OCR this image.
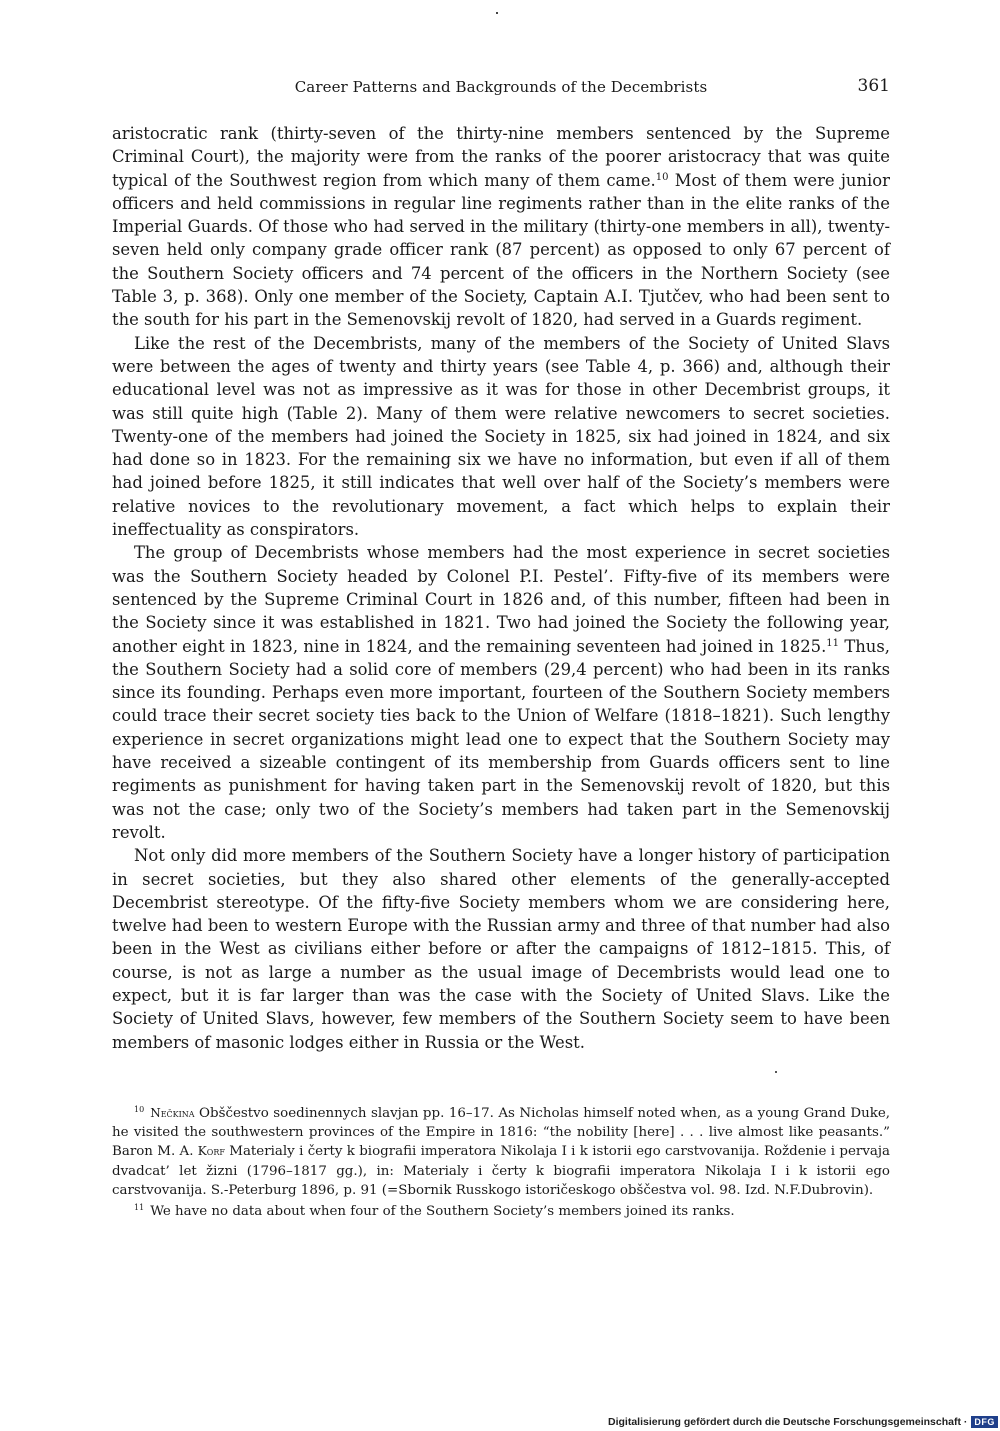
Career Patterns and Backgrounds of the Decembrists	361

aristocratic rank (thirty-seven of the thirty-nine members sentenced by the Supreme Criminal Court), the majority were from the ranks of the poorer aristocracy that was quite typical of the Southwest region from which many of them came.$^{10}$ Most of them were junior officers and held commissions in regular line regiments rather than in the elite ranks of the Imperial Guards. Of those who had served in the military (thirty-one members in all), twenty-seven held only company grade officer rank (87 percent) as opposed to only 67 percent of the Southern Society officers and 74 percent of the officers in the Northern Society (see Table 3, p. 368). Only one member of the Society, Captain A.I. Tjutčev, who had been sent to the south for his part in the Semenovskij revolt of 1820, had served in a Guards regiment.

Like the rest of the Decembrists, many of the members of the Society of United Slavs were between the ages of twenty and thirty years (see Table 4, p. 366) and, although their educational level was not as impressive as it was for those in other Decembrist groups, it was still quite high (Table 2). Many of them were relative newcomers to secret societies. Twenty-one of the members had joined the Society in 1825, six had joined in 1824, and six had done so in 1823. For the remaining six we have no information, but even if all of them had joined before 1825, it still indicates that well over half of the Society’s members were relative novices to the revolutionary movement, a fact which helps to explain their ineffectuality as conspirators.

The group of Decembrists whose members had the most experience in secret societies was the Southern Society headed by Colonel P.I. Pestel’. Fifty-five of its members were sentenced by the Supreme Criminal Court in 1826 and, of this number, fifteen had been in the Society since it was established in 1821. Two had joined the Society the following year, another eight in 1823, nine in 1824, and the remaining seventeen had joined in 1825.11 Thus, the Southern Society had a solid core of members (29,4 percent) who had been in its ranks since its founding. Perhaps even more important, fourteen of the Southern Society members could trace their secret society ties back to the Union of Welfare (1818–1821). Such lengthy experience in secret organizations might lead one to expect that the Southern Society may have received a sizeable contingent of its membership from Guards officers sent to line regiments as punishment for having taken part in the Semenovskij revolt of 1820, but this was not the case; only two of the Society’s members had taken part in the Semenovskij revolt.

Not only did more members of the Southern Society have a longer history of participation in secret societies, but they also shared other elements of the generally-accepted Decembrist stereotype. Of the fifty-five Society members whom we are considering here, twelve had been to western Europe with the Russian army and three of that number had also been in the West as civilians either before or after the campaigns of 1812–1815. This, of course, is not as large a number as the usual image of Decembrists would lead one to expect, but it is far larger than was the case with the Society of United Slavs. Like the Society of United Slavs, however, few members of the Southern Society seem to have been members of masonic lodges either in Russia or the West.

$^{10}$ Nečkina Obščestvo soedinennych slavjan pp. 16–17. As Nicholas himself noted when, as a young Grand Duke, he visited the southwestern provinces of the Empire in 1816: “the nobility [here] . . . live almost like peasants.” Baron M. A. Korf Materialy i čerty k biografii imperatora Nikolaja I i k istorii ego carstvovanija. Roždenie i pervaja dvadcat’ let žizni (1796–1817 gg.), in: Materialy i čerty k biografii imperatora Nikolaja I i k istorii ego carstvovanija. S.-Peterburg 1896, p. 91 (=Sbornik Russkogo istoričeskogo obščestva vol. 98. Izd. N.F.Dubrovin).

$^{11}$ We have no data about when four of the Southern Society’s members joined its ranks.

Digitalisierung gefördert durch die Deutsche Forschungsgemeinschaft · DFG
